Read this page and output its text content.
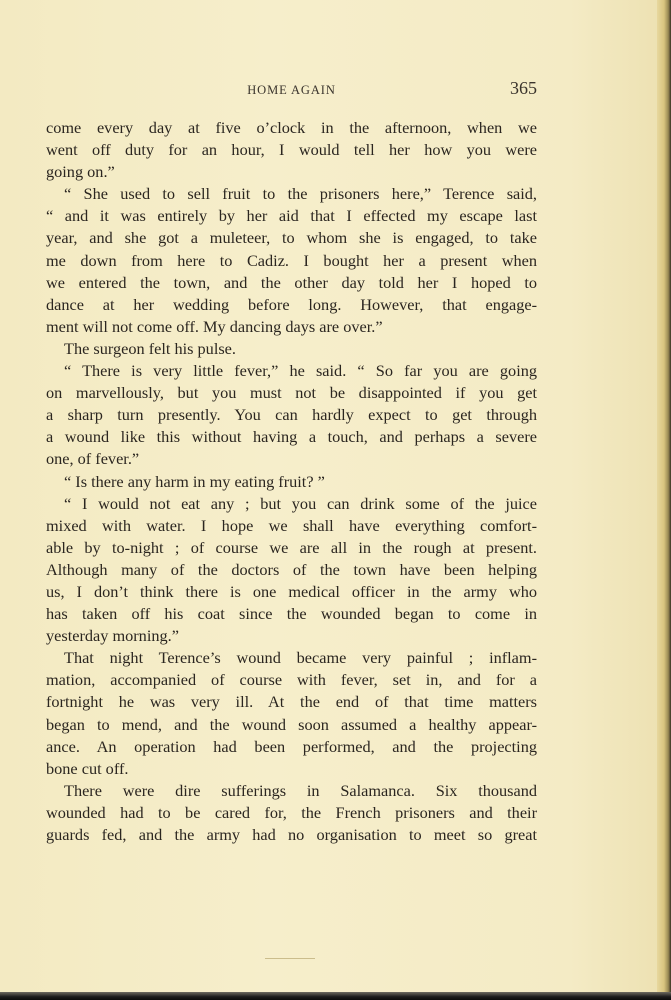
HOME AGAIN	365
come every day at five o’clock in the afternoon, when we
went off duty for an hour, I would tell her how you were
going on.”
“ She used to sell fruit to the prisoners here,” Terence said,
“ and it was entirely by her aid that I effected my escape last
year, and she got a muleteer, to whom she is engaged, to take
me down from here to Cadiz. I bought her a present when
we entered the town, and the other day told her I hoped to
dance at her wedding before long. However, that engage-
ment will not come off. My dancing days are over.”
The surgeon felt his pulse.
“ There is very little fever,” he said. “ So far you are going
on marvellously, but you must not be disappointed if you get
a sharp turn presently. You can hardly expect to get through
a wound like this without having a touch, and perhaps a severe
one, of fever.”
“ Is there any harm in my eating fruit? ”
“ I would not eat any ; but you can drink some of the juice
mixed with water. I hope we shall have everything comfort-
able by to-night ; of course we are all in the rough at present.
Although many of the doctors of the town have been helping
us, I don’t think there is one medical officer in the army who
has taken off his coat since the wounded began to come in
yesterday morning.”
That night Terence’s wound became very painful ; inflam-
mation, accompanied of course with fever, set in, and for a
fortnight he was very ill. At the end of that time matters
began to mend, and the wound soon assumed a healthy appear-
ance. An operation had been performed, and the projecting
bone cut off.
There were dire sufferings in Salamanca. Six thousand
wounded had to be cared for, the French prisoners and their
guards fed, and the army had no organisation to meet so great
